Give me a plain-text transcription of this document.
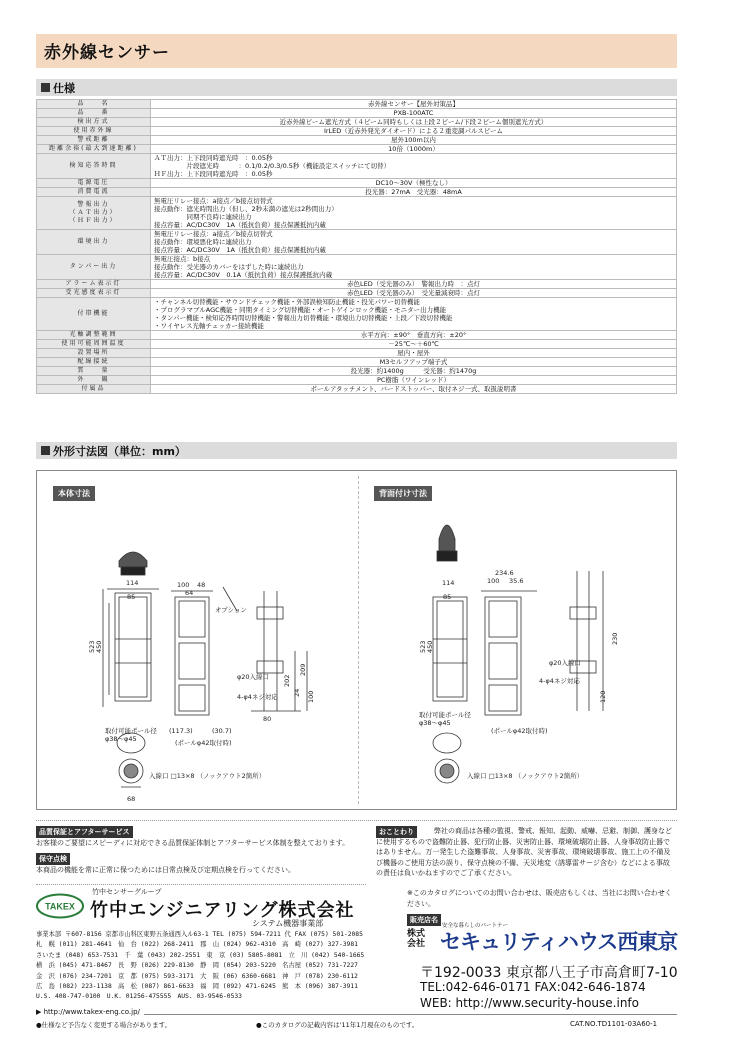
赤外線センサー
仕様
品　　名	赤外線センサー【屋外対策品】
品　　番	PXB-100ATC
検出方式	近赤外線ビーム遮光方式（４ビーム同時もしくは上段２ビーム/下段２ビーム個別遮光方式）
使用赤外線	IrLED（近赤外発光ダイオード）による２重変調パルスビーム
警戒距離	屋外100m以内
距離余裕(最大到達距離)	10倍（1000m）
検知応答時間	ＡＴ出力：上下段同時遮光時　：0.05秒
　　　　　片段遮光時　　　：0.1/0.2/0.3/0.5秒（機能設定スイッチにて切替）
ＨＦ出力：上下段同時遮光時　：0.05秒
電源電圧	DC10～30V（極性なし）
消費電流	投光器：27mA　受光器：48mA
警報出力
（ＡＴ出力）
（ＨＦ出力）	無電圧リレー接点：a接点／b接点切替式
接点動作：遮光時間出力（但し、2秒未満の遮光は2秒間出力）
　　　　　同期不良時に連続出力
接点容量：AC/DC30V　1A（抵抗負荷）接点保護抵抗内蔵
環境出力	無電圧リレー接点：a接点／b接点切替式
接点動作：環境悪化時に連続出力
接点容量：AC/DC30V　1A（抵抗負荷）接点保護抵抗内蔵
タンパー出力	無電圧接点：b接点
接点動作：受光器のカバーをはずした時に連続出力
接点容量：AC/DC30V　0.1A（抵抗負荷）接点保護抵抗内蔵
アラーム表示灯	赤色LED（受光器のみ）　警報出力時　：点灯
受光感度表示灯	赤色LED（受光器のみ）　受光量減衰時：点灯
付帯機能	・チャンネル切替機能・サウンドチェック機能・外部誤検知防止機能・投光パワー切替機能
・プログラマブルAGC機能・同期タイミング切替機能・オートゲインロック機能・モニター出力機能
・タンパー機能・検知応答時間切替機能・警報出力切替機能・環境出力切替機能・上段／下段切替機能
・ワイヤレス光軸チェッカー接続機能
光軸調整範囲	水平方向：±90°　垂直方向：±20°
使用可能周囲温度	－25℃～＋60℃
設置場所	屋内・屋外
配線接続	M3セルフアップ端子式
質　　量	投光器：約1400g　　　受光器：約1470g
外　　観	PC樹脂（ワインレッド）
付属品	ポールアタッチメント、バードストッパー、取付ネジ一式、取扱説明書
外形寸法図（単位：mm）
本体寸法	背面付け寸法
114
85
100 48
64
523 450
オプション
φ20入線口
4-φ4ネジ対応
209
202
24 100
80
(117.3)	(30.7)
(ポールφ42取付時)
入線口 □13×8 （ノックアウト2箇所）
68
114
85
234.6
100 35.6
523 450
230
120
φ20入線口
4-φ4ネジ対応
(ポールφ42取付時)
入線口 □13×8 （ノックアウト2箇所）
取付可能ポール径
φ38～φ45
取付可能ポール径
φ38～φ45
品質保証とアフターサービス
お客様のご要望にスピーディに対応できる品質保証体制とアフターサービス体制を整えております。
保守点検
本商品の機能を常に正常に保つためには日常点検及び定期点検を行ってください。
おことわり	弊社の商品は各種の監視、警戒、報知、起動、威嚇、忌避、制御、護身などに使用するもので盗難防止器、犯行防止器、災害防止器、環境破壊防止器、人身事故防止器ではありません。万一発生した盗難事故、人身事故、災害事故、環境破壊事故、施工上の不備及び機器のご使用方法の誤り、保守点検の不備、天災地変（誘導雷サージ含む）などによる事故の責任は負いかねますのでご了承ください。
TAKEX
竹中センサーグループ
竹中エンジニアリング株式会社
システム機器事業部
事業本部 〒607-8156 京都市山科区東野五条通西入ル63-1 TEL (075) 594-7211 代 FAX (075) 501-2085
札　幌 (011) 281-4641　仙　台 (022) 268-2411　郡　山 (024) 962-4310　高　崎 (027) 327-3981
さいたま (048) 653-7531　千　葉 (043) 202-2551　東　京 (03) 5805-8081　立　川 (042) 540-1665
横　浜 (045) 471-8467　長　野 (026) 229-8130　静　岡 (054) 203-5220　名古屋 (052) 731-7227
金　沢 (076) 234-7201　京　都 (075) 593-3171　大　阪 (06) 6360-6681　神　戸 (078) 230-6112
広　島 (082) 223-1138　高　松 (087) 861-6633　福　岡 (092) 471-6245　熊　本 (096) 387-3911
U.S. 408-747-0100　U.K. 01256-475555　AUS. 03-9546-0533
※このカタログについてのお問い合わせは、販売店もしくは、当社にお問い合わせください。
販売店名
安全な暮らしのパートナー
株式会社 セキュリティハウス西東京
〒192-0033 東京都八王子市高倉町7-10
TEL:042-646-0171 FAX:042-646-1874
WEB: http://www.security-house.info
▶ http://www.takex-eng.co.jp/
●仕様など予告なく変更する場合があります。	●このカタログの記載内容は'11年1月現在のものです。	CAT.NO.TD1101-03A60-1
